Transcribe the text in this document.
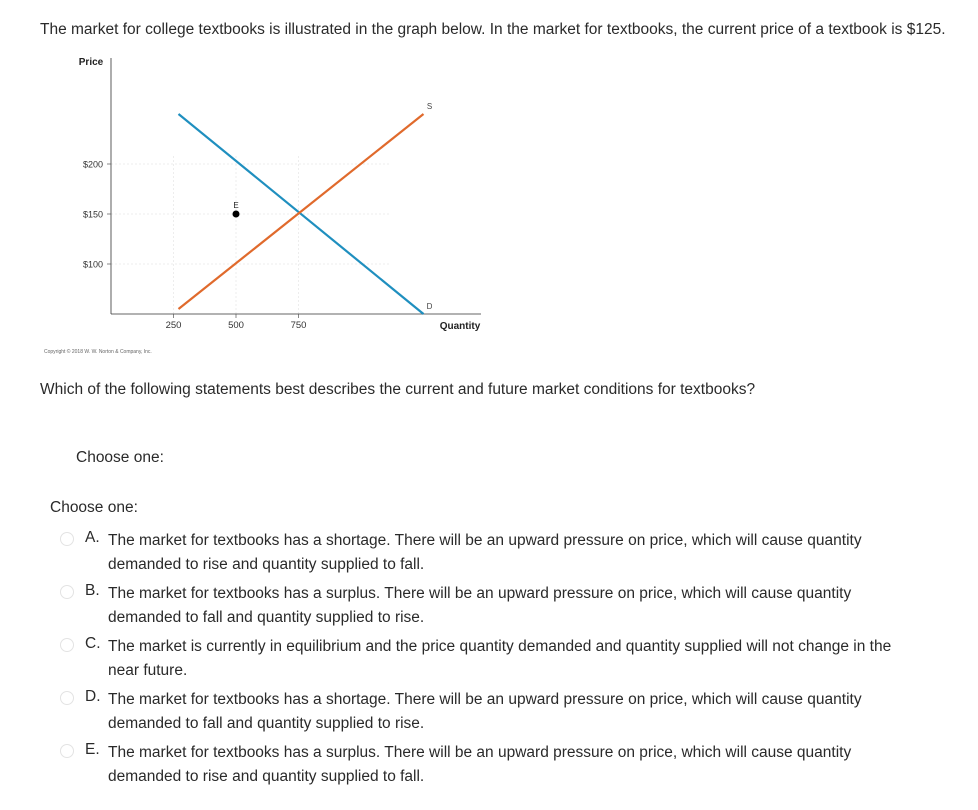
The market for college textbooks is illustrated in the graph below. In the market for textbooks, the current price of a textbook is $125.
Price
Quantity
$100
$150
$200
250	500	750
D
S
E
Copyright © 2018 W. W. Norton & Company, Inc.
Which of the following statements best describes the current and future market conditions for textbooks?
Choose one:
Choose one:
A. The market for textbooks has a shortage. There will be an upward pressure on price, which will cause quantity demanded to rise and quantity supplied to fall.
B. The market for textbooks has a surplus. There will be an upward pressure on price, which will cause quantity demanded to fall and quantity supplied to rise.
C. The market is currently in equilibrium and the price quantity demanded and quantity supplied will not change in the near future.
D. The market for textbooks has a shortage. There will be an upward pressure on price, which will cause quantity demanded to fall and quantity supplied to rise.
E. The market for textbooks has a surplus. There will be an upward pressure on price, which will cause quantity demanded to rise and quantity supplied to fall.
